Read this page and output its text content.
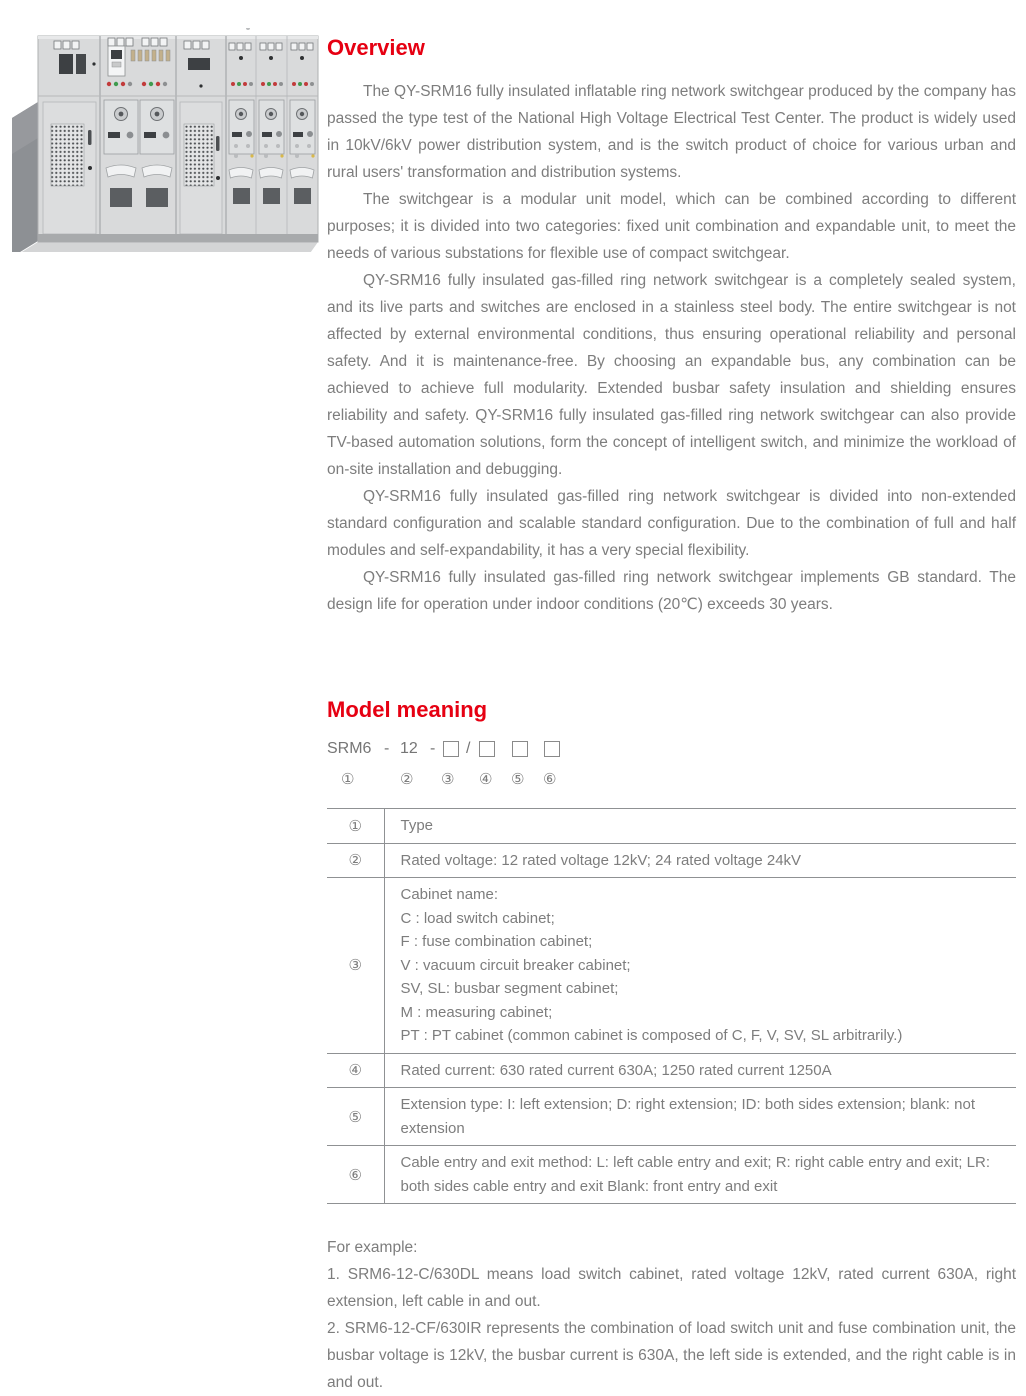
Overview

The QY-SRM16 fully insulated inflatable ring network switchgear produced by the company has passed the type test of the National High Voltage Electrical Test Center. The product is widely used in 10kV/6kV power distribution system, and is the switch product of choice for various urban and rural users' transformation and distribution systems.

The switchgear is a modular unit model, which can be combined according to different purposes; it is divided into two categories: fixed unit combination and expandable unit, to meet the needs of various substations for flexible use of compact switchgear.

QY-SRM16 fully insulated gas-filled ring network switchgear is a completely sealed system, and its live parts and switches are enclosed in a stainless steel body. The entire switchgear is not affected by external environmental conditions, thus ensuring operational reliability and personal safety. And it is maintenance-free. By choosing an expandable bus, any combination can be achieved to achieve full modularity. Extended busbar safety insulation and shielding ensures reliability and safety. QY-SRM16 fully insulated gas-filled ring network switchgear can also provide TV-based automation solutions, form the concept of intelligent switch, and minimize the workload of on-site installation and debugging.

QY-SRM16 fully insulated gas-filled ring network switchgear is divided into non-extended standard configuration and scalable standard configuration. Due to the combination of full and half modules and self-expandability, it has a very special flexibility.

QY-SRM16 fully insulated gas-filled ring network switchgear implements GB standard. The design life for operation under indoor conditions (20℃) exceeds 30 years.

Model meaning
SRM6 - 12 - /
①	② ③ ④ ⑤ ⑥
①	Type

②	Rated voltage: 12 rated voltage 12kV; 24 rated voltage 24kV

③	
Cabinet name:
C : load switch cabinet;
F : fuse combination cabinet;
V : vacuum circuit breaker cabinet;
SV, SL: busbar segment cabinet;
M : measuring cabinet;
PT : PT cabinet (common cabinet is composed of C, F, V, SV, SL arbitrarily.)

④	Rated current: 630 rated current 630A; 1250 rated current 1250A

⑤	Extension type: I: left extension; D: right extension; ID: both sides extension; blank: not extension

⑥	Cable entry and exit method: L: left cable entry and exit; R: right cable entry and exit; LR: both sides cable entry and exit Blank: front entry and exit

For example:

1. SRM6-12-C/630DL means load switch cabinet, rated voltage 12kV, rated current 630A, right extension, left cable in and out.

2. SRM6-12-CF/630IR represents the combination of load switch unit and fuse combination unit, the busbar voltage is 12kV, the busbar current is 630A, the left side is extended, and the right cable is in and out.
